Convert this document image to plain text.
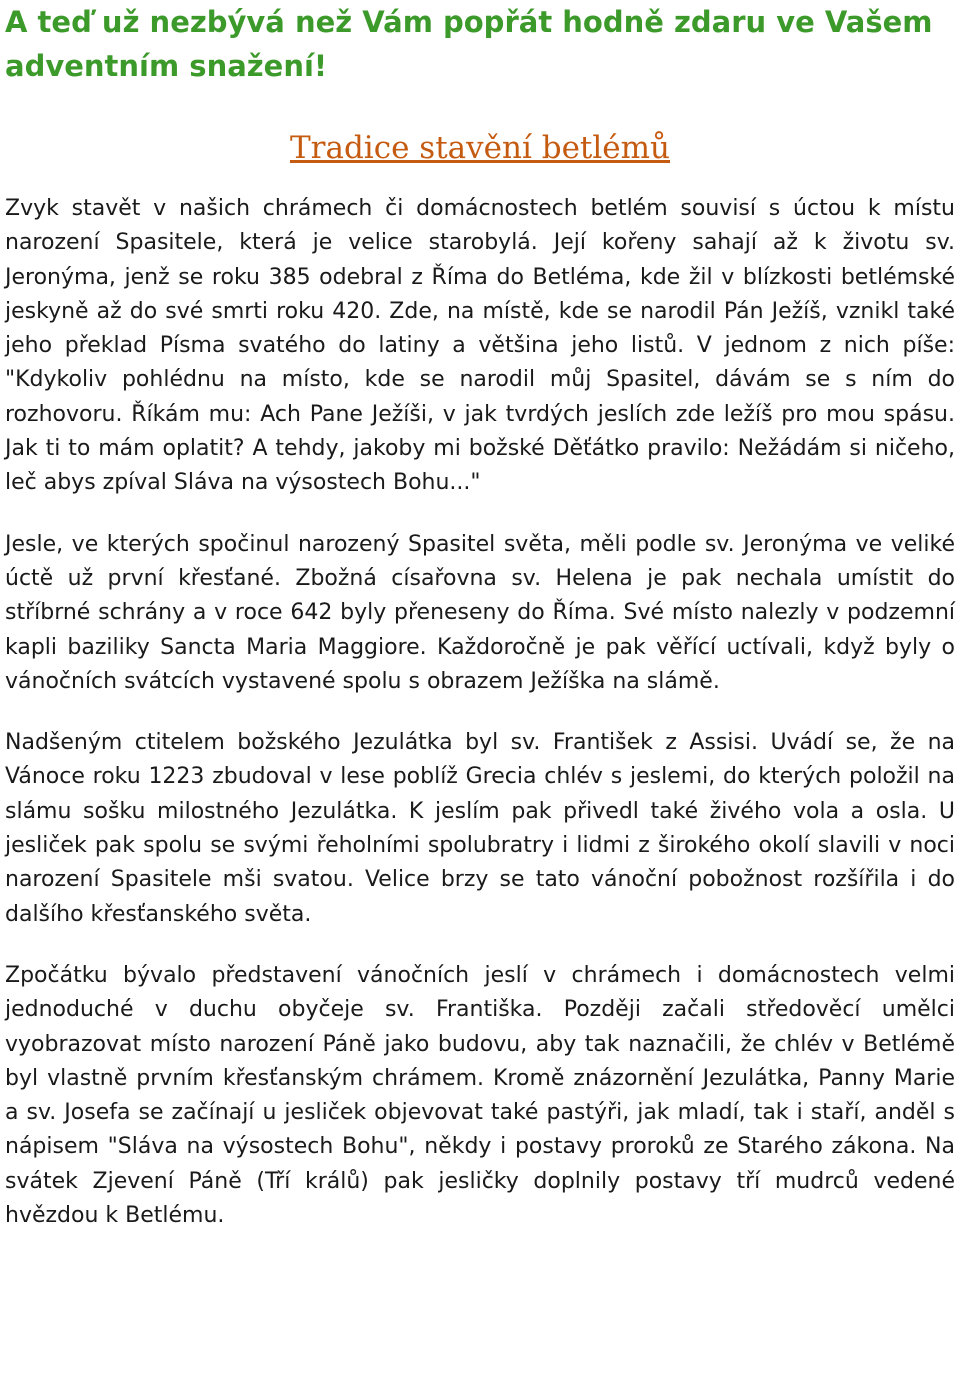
A teď už nezbývá než Vám popřát hodně zdaru ve Vašem adventním snažení!

Tradice stavění betlémů

Zvyk stavět v našich chrámech či domácnostech betlém souvisí s úctou k místu narození Spasitele, která je velice starobylá. Její kořeny sahají až k životu sv. Jeronýma, jenž se roku 385 odebral z Říma do Betléma, kde žil v blízkosti betlémské jeskyně až do své smrti roku 420. Zde, na místě, kde se narodil Pán Ježíš, vznikl také jeho překlad Písma svatého do latiny a většina jeho listů. V jednom z nich píše: "Kdykoliv pohlédnu na místo, kde se narodil můj Spasitel, dávám se s ním do rozhovoru. Říkám mu: Ach Pane Ježíši, v jak tvrdých jeslích zde ležíš pro mou spásu. Jak ti to mám oplatit? A tehdy, jakoby mi božské Děťátko pravilo: Nežádám si ničeho, leč abys zpíval Sláva na výsostech Bohu..."

Jesle, ve kterých spočinul narozený Spasitel světa, měli podle sv. Jeronýma ve veliké úctě už první křesťané. Zbožná císařovna sv. Helena je pak nechala umístit do stříbrné schrány a v roce 642 byly přeneseny do Říma. Své místo nalezly v podzemní kapli baziliky Sancta Maria Maggiore. Každoročně je pak věřící uctívali, když byly o vánočních svátcích vystavené spolu s obrazem Ježíška na slámě.

Nadšeným ctitelem božského Jezulátka byl sv. František z Assisi. Uvádí se, že na Vánoce roku 1223 zbudoval v lese poblíž Grecia chlév s jeslemi, do kterých položil na slámu sošku milostného Jezulátka. K jeslím pak přivedl také živého vola a osla. U jesliček pak spolu se svými řeholními spolubratry i lidmi z širokého okolí slavili v noci narození Spasitele mši svatou. Velice brzy se tato vánoční pobožnost rozšířila i do dalšího křesťanského světa.

Zpočátku bývalo představení vánočních jeslí v chrámech i domácnostech velmi jednoduché v duchu obyčeje sv. Františka. Později začali středověcí umělci vyobrazovat místo narození Páně jako budovu, aby tak naznačili, že chlév v Betlémě byl vlastně prvním křesťanským chrámem. Kromě znázornění Jezulátka, Panny Marie a sv. Josefa se začínají u jesliček objevovat také pastýři, jak mladí, tak i staří, anděl s nápisem "Sláva na výsostech Bohu", někdy i postavy proroků ze Starého zákona. Na svátek Zjevení Páně (Tří králů) pak jesličky doplnily postavy tří mudrců vedené hvězdou k Betlému.
